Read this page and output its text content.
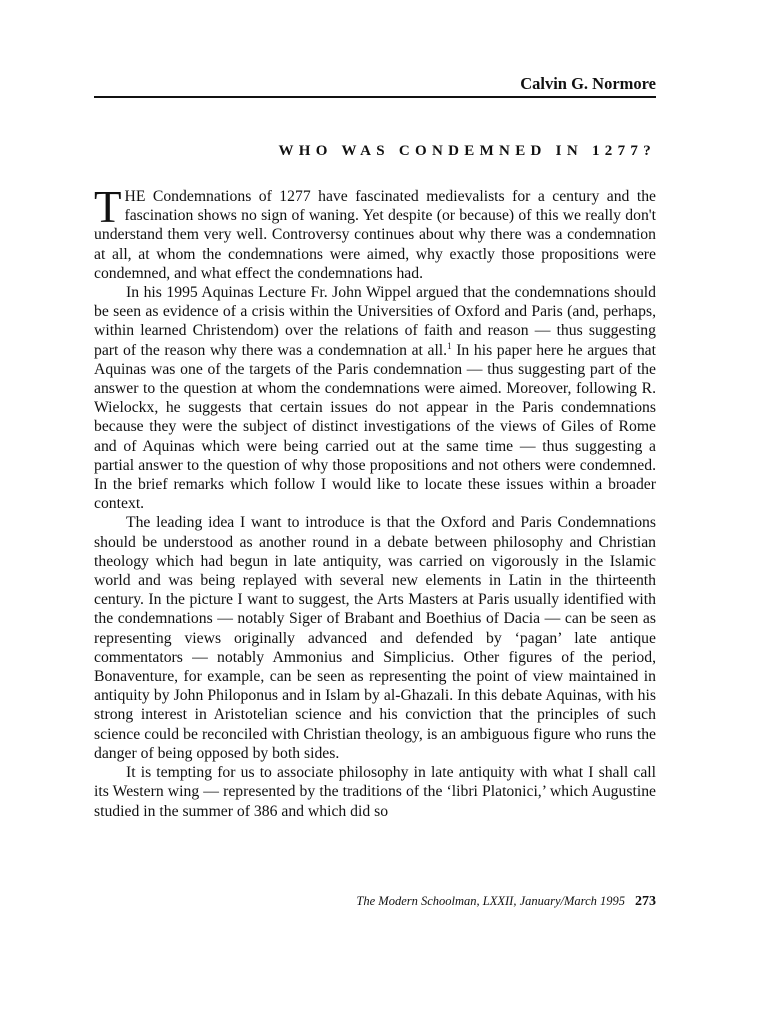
Calvin G. Normore
WHO WAS CONDEMNED IN 1277?

THE Condemnations of 1277 have fascinated medievalists for a century and the fascination shows no sign of waning. Yet despite (or because) of this we really don't understand them very well. Controversy continues about why there was a condemnation at all, at whom the condemnations were aimed, why exactly those propositions were condemned, and what effect the condemnations had.

In his 1995 Aquinas Lecture Fr. John Wippel argued that the condemnations should be seen as evidence of a crisis within the Universities of Oxford and Paris (and, perhaps, within learned Christendom) over the relations of faith and reason — thus suggesting part of the reason why there was a condemnation at all.$^1$ In his paper here he argues that Aquinas was one of the targets of the Paris condemnation — thus suggesting part of the answer to the question at whom the condemnations were aimed. Moreover, following R. Wielockx, he suggests that certain issues do not appear in the Paris condemnations because they were the subject of distinct investigations of the views of Giles of Rome and of Aquinas which were being carried out at the same time — thus suggesting a partial answer to the question of why those propositions and not others were condemned. In the brief remarks which follow I would like to locate these issues within a broader context.

The leading idea I want to introduce is that the Oxford and Paris Condemnations should be understood as another round in a debate between philosophy and Christian theology which had begun in late antiquity, was carried on vigorously in the Islamic world and was being replayed with several new elements in Latin in the thirteenth century. In the picture I want to suggest, the Arts Masters at Paris usually identified with the condemnations — notably Siger of Brabant and Boethius of Dacia — can be seen as representing views originally advanced and defended by ‘pagan’ late antique commentators — notably Ammonius and Simplicius. Other figures of the period, Bonaventure, for example, can be seen as representing the point of view maintained in antiquity by John Philoponus and in Islam by al-Ghazali. In this debate Aquinas, with his strong interest in Aristotelian science and his conviction that the principles of such science could be reconciled with Christian theology, is an ambiguous figure who runs the danger of being opposed by both sides.

It is tempting for us to associate philosophy in late antiquity with what I shall call its Western wing — represented by the traditions of the ‘libri Platonici,’ which Augustine studied in the summer of 386 and which did so

The Modern Schoolman, LXXII, January/March 1995 273
